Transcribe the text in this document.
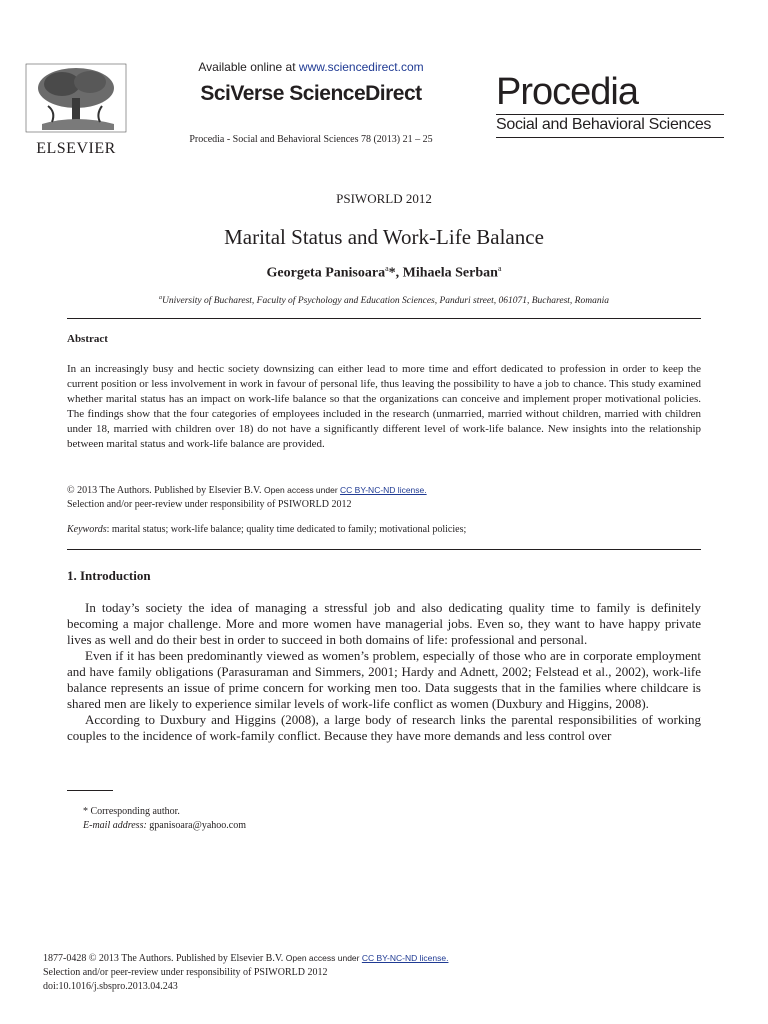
ELSEVIER
Available online at www.sciencedirect.com
SciVerse ScienceDirect
Procedia - Social and Behavioral Sciences 78 (2013) 21 – 25
Procedia
Social and Behavioral Sciences
PSIWORLD 2012
Marital Status and Work-Life Balance
Georgeta Panisoara$^a$*, Mihaela Serban$^a$
$^a$University of Bucharest, Faculty of Psychology and Education Sciences, Panduri street, 061071, Bucharest, Romania
Abstract
In an increasingly busy and hectic society downsizing can either lead to more time and effort dedicated to profession in order to keep the current position or less involvement in work in favour of personal life, thus leaving the possibility to have a job to chance. This study examined whether marital status has an impact on work-life balance so that the organizations can conceive and implement proper motivational policies. The findings show that the four categories of employees included in the research (unmarried, married without children, married with children under 18, married with children over 18) do not have a significantly different level of work-life balance. New insights into the relationship between marital status and work-life balance are provided.
© 2013 The Authors. Published by Elsevier B.V. Open access under CC BY-NC-ND license.
Selection and/or peer-review under responsibility of PSIWORLD 2012
Keywords: marital status; work-life balance; quality time dedicated to family; motivational policies;
1. Introduction

In today’s society the idea of managing a stressful job and also dedicating quality time to family is definitely becoming a major challenge. More and more women have managerial jobs. Even so, they want to have happy private lives as well and do their best in order to succeed in both domains of life: professional and personal.

Even if it has been predominantly viewed as women’s problem, especially of those who are in corporate employment and have family obligations (Parasuraman and Simmers, 2001; Hardy and Adnett, 2002; Felstead et al., 2002), work-life balance represents an issue of prime concern for working men too. Data suggests that in the families where childcare is shared men are likely to experience similar levels of work-life conflict as women (Duxbury and Higgins, 2008).

According to Duxbury and Higgins (2008), a large body of research links the parental responsibilities of working couples to the incidence of work-family conflict. Because they have more demands and less control over

* Corresponding author.
E-mail address: gpanisoara@yahoo.com
1877-0428 © 2013 The Authors. Published by Elsevier B.V. Open access under CC BY-NC-ND license.
Selection and/or peer-review under responsibility of PSIWORLD 2012
doi:10.1016/j.sbspro.2013.04.243
